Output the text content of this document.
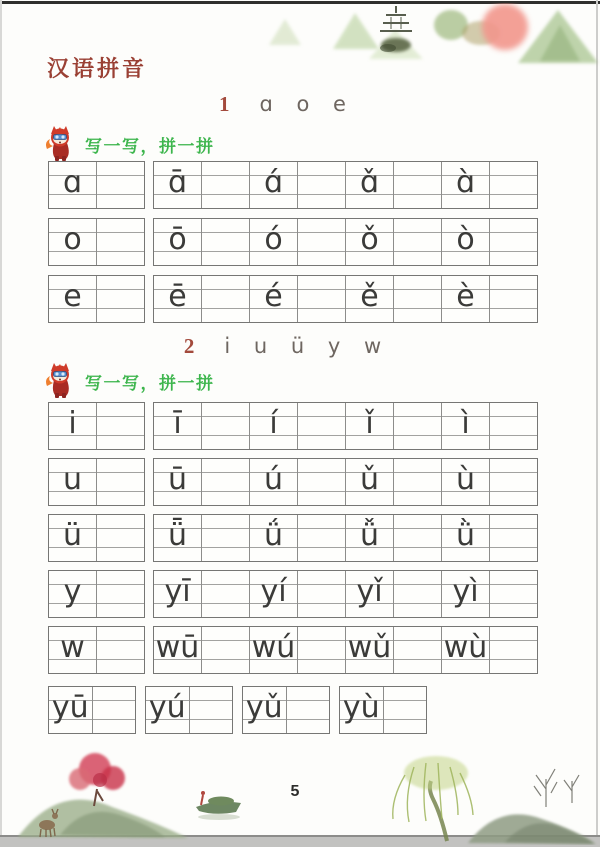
汉语拼音
1 ɑ o e
写一写，拼一拼
2 i u ü y w
写一写，拼一拼
5
ɑ	ɑ̄	ɑ́	ɑ̌	ɑ̀
o	ō	ó	ǒ	ò
e	ē	é	ě	è
i	ī	í	ǐ	ì
u	ū	ú	ǔ	ù
ü	ǖ	ǘ	ǚ	ǜ
y	yī	yí	yǐ	yì
w	wū wú wǔ wù
yū yú yǔ yù
